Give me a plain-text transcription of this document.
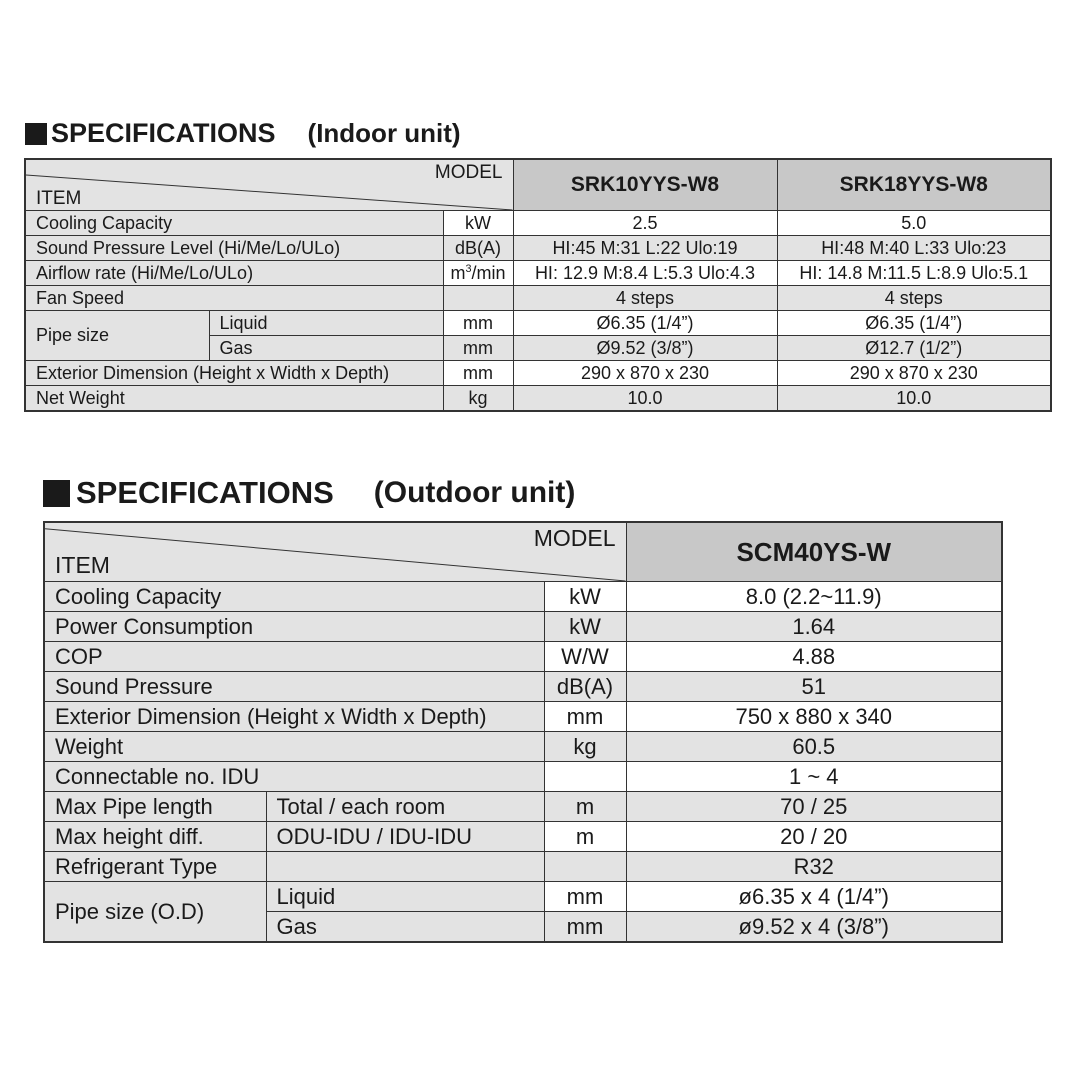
SPECIFICATIONS (Indoor unit)
MODEL
ITEM			SRK10YYS-W8	SRK18YYS-W8
Cooling Capacity		kW	2.5	5.0
Sound Pressure Level (Hi/Me/Lo/ULo)		dB(A)	HI:45 M:31 L:22 Ulo:19	HI:48 M:40 L:33 Ulo:23
Airflow rate (Hi/Me/Lo/ULo)		$m^3/\min$	HI: 12.9 M:8.4 L:5.3 Ulo:4.3	HI: 14.8 M:11.5 L:8.9 Ulo:5.1
Fan Speed			4 steps	4 steps
Pipe size	Liquid	mm	Ø6.35 (1/4”)	Ø6.35 (1/4”)
	Gas	mm	Ø9.52 (3/8”)	Ø12.7 (1/2”)
Exterior Dimension (Height x Width x Depth)		mm	290 x 870 x 230	290 x 870 x 230
Net Weight		kg	10.0	10.0
SPECIFICATIONS (Outdoor unit)
MODEL
ITEM			SCM40YS-W
Cooling Capacity		kW	8.0 (2.2~11.9)
Power Consumption		kW	1.64
COP		W/W	4.88
Sound Pressure		dB(A)	51
Exterior Dimension (Height x Width x Depth)		mm	750 x 880 x 340
Weight		kg	60.5
Connectable no. IDU			1 ~ 4
Max Pipe length	Total / each room	m	70 / 25
Max height diff.	ODU-IDU / IDU-IDU	m	20 / 20
Refrigerant Type			R32
Pipe size (O.D)	Liquid	mm	ø6.35 x 4 (1/4”)
	Gas	mm	ø9.52 x 4 (3/8”)
